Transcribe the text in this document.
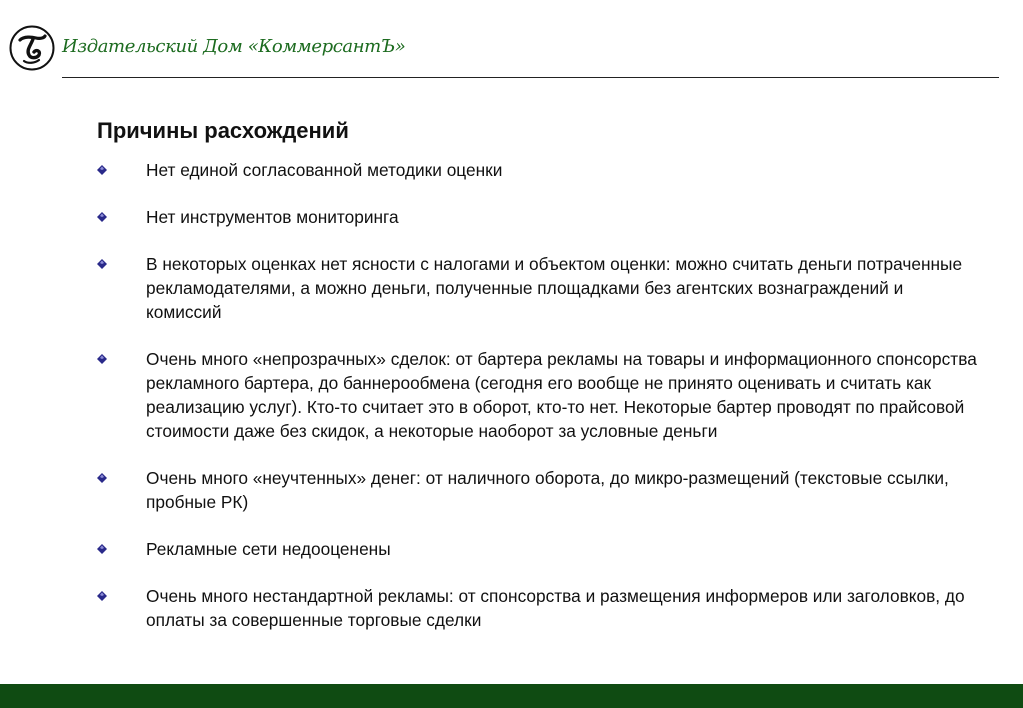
Издательский Дом «КоммерсантЪ»
Причины расхождений
Нет единой согласованной методики оценки
Нет инструментов мониторинга
В некоторых оценках нет ясности с налогами и объектом оценки: можно считать деньги потраченные рекламодателями, а можно деньги, полученные площадками без агентских вознаграждений и комиссий
Очень много «непрозрачных» сделок: от бартера рекламы на товары и информационного спонсорства рекламного бартера, до баннерообмена (сегодня его вообще не принято оценивать и считать как реализацию услуг). Кто-то считает это в оборот, кто-то нет. Некоторые бартер проводят по прайсовой стоимости даже без скидок, а некоторые наоборот за условные деньги
Очень много «неучтенных» денег: от наличного оборота, до микро-размещений (текстовые ссылки, пробные РК)
Рекламные сети недооценены
Очень много нестандартной рекламы: от спонсорства и размещения информеров или заголовков, до оплаты за совершенные торговые сделки
